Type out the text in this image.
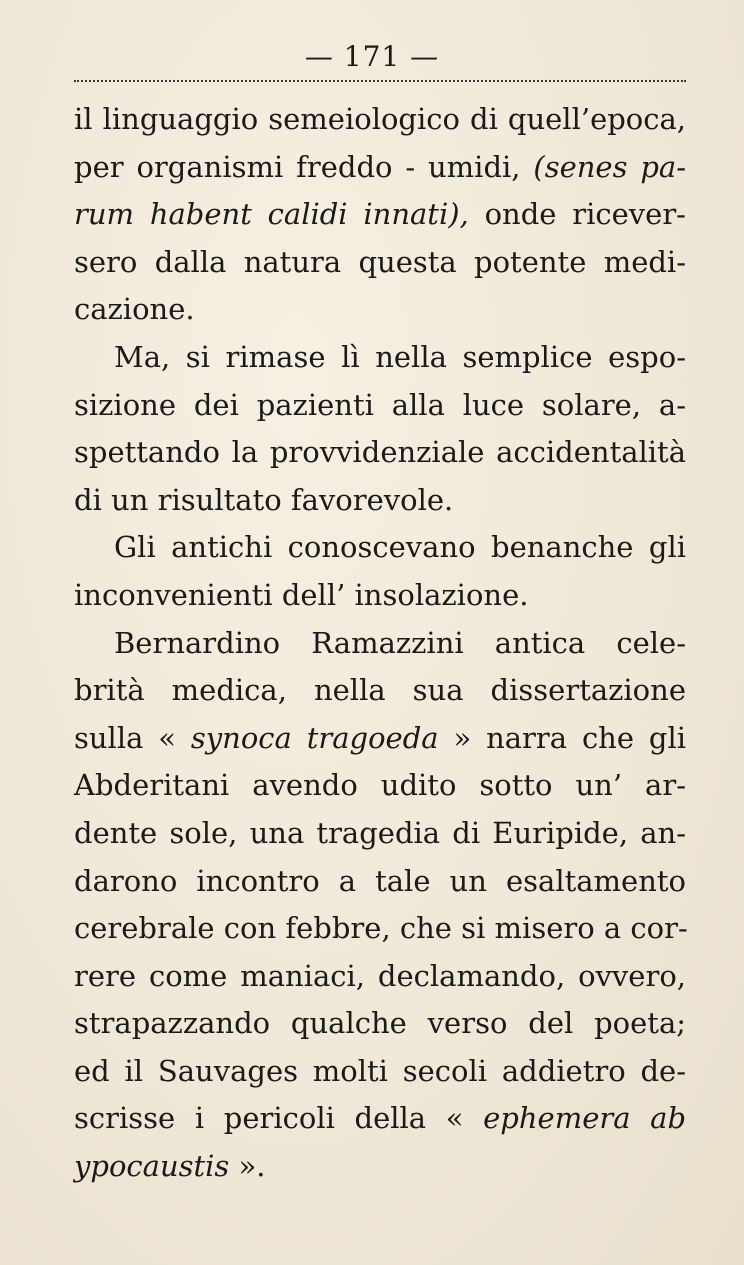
— 171 —
il linguaggio semeiologico di quell’epoca,
per organismi freddo - umidi, (senes pa-
rum habent calidi innati), onde ricever-
sero dalla natura questa potente medi-
cazione.
Ma, si rimase lì nella semplice espo-
sizione dei pazienti alla luce solare, a-
spettando la provvidenziale accidentalità
di un risultato favorevole.
Gli antichi conoscevano benanche gli
inconvenienti dell’ insolazione.
Bernardino Ramazzini antica cele-
brità medica, nella sua dissertazione
sulla « synoca tragoeda » narra che gli
Abderitani avendo udito sotto un’ ar-
dente sole, una tragedia di Euripide, an-
darono incontro a tale un esaltamento
cerebrale con febbre, che si misero a cor-
rere come maniaci, declamando, ovvero,
strapazzando qualche verso del poeta;
ed il Sauvages molti secoli addietro de-
scrisse i pericoli della « ephemera ab
ypocaustis ».
